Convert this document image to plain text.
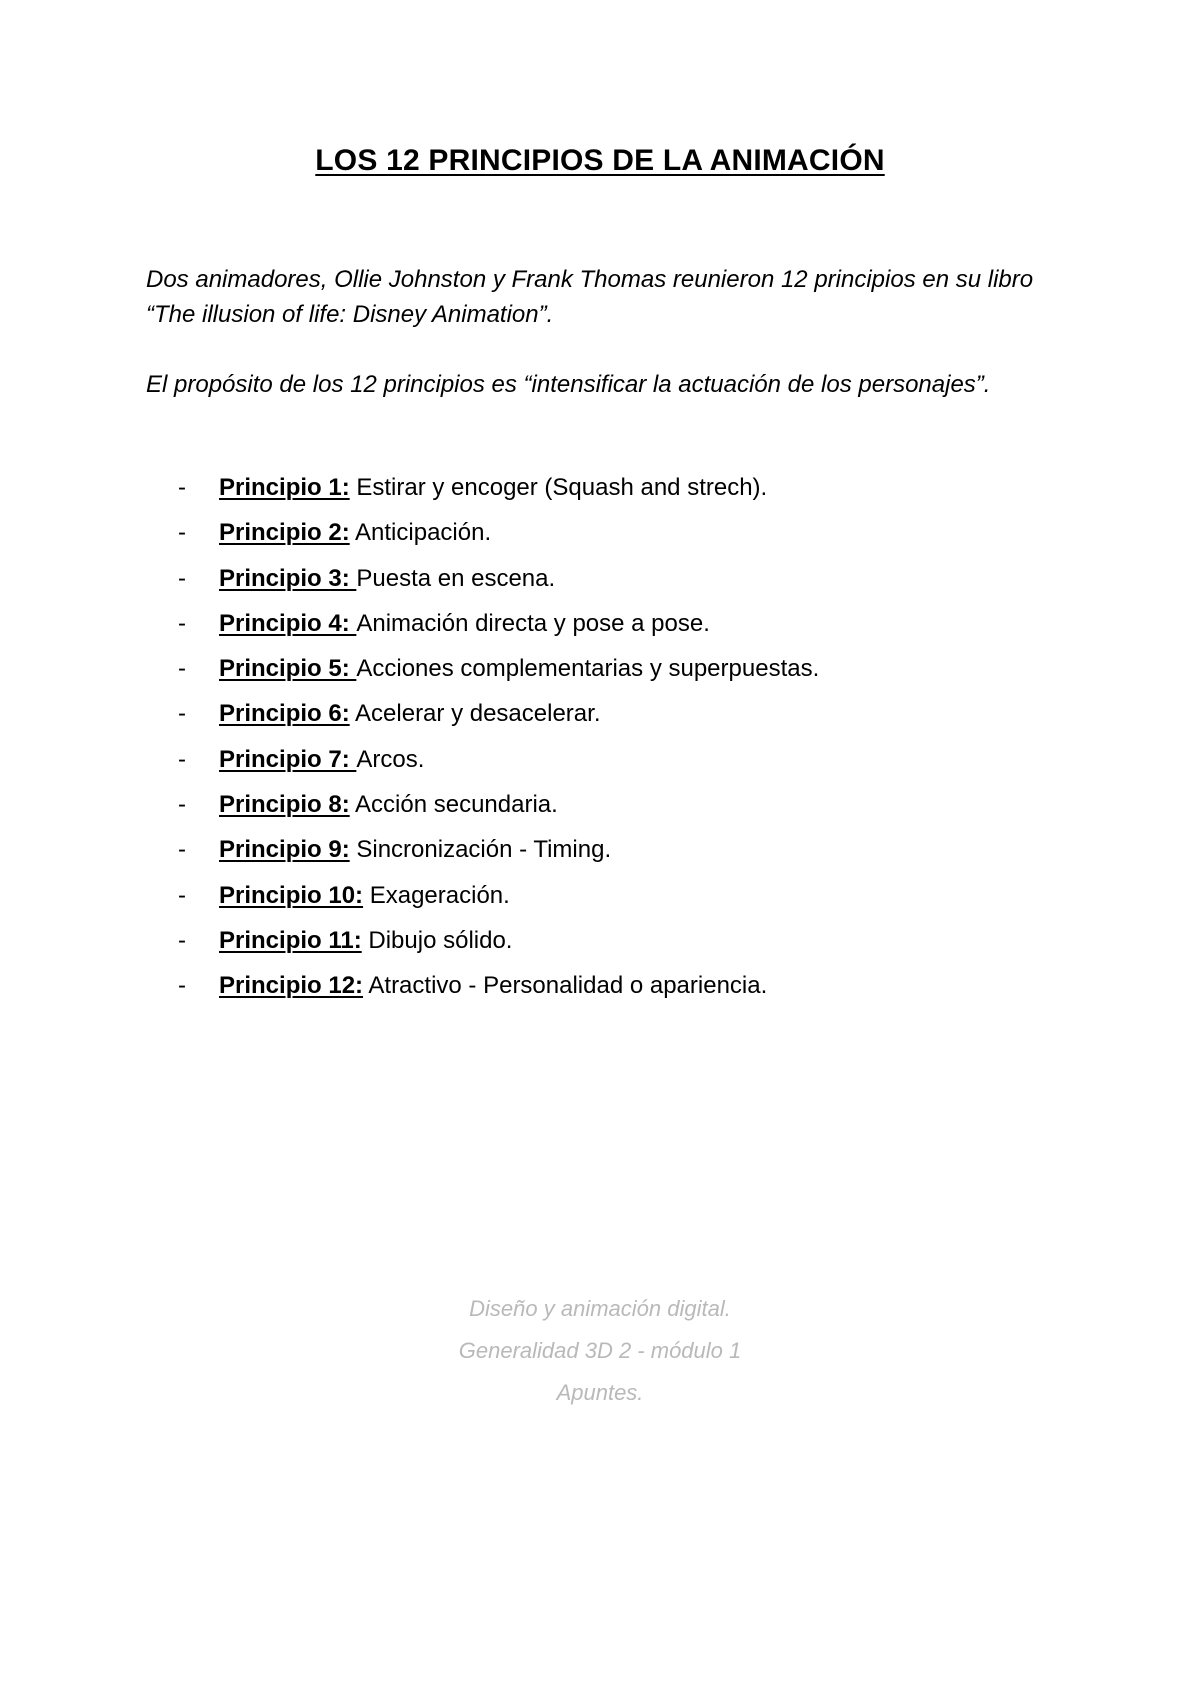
LOS 12 PRINCIPIOS DE LA ANIMACIÓN

Dos animadores, Ollie Johnston y Frank Thomas reunieron 12 principios en su libro “The illusion of life: Disney Animation”.

El propósito de los 12 principios es “intensificar la actuación de los personajes”.

-	Principio 1: Estirar y encoger (Squash and strech).
-	Principio 2: Anticipación.
-	Principio 3: Puesta en escena.
-	Principio 4: Animación directa y pose a pose.
-	Principio 5: Acciones complementarias y superpuestas.
-	Principio 6: Acelerar y desacelerar.
-	Principio 7: Arcos.
-	Principio 8: Acción secundaria.
-	Principio 9: Sincronización - Timing.
-	Principio 10: Exageración.
-	Principio 11: Dibujo sólido.
-	Principio 12: Atractivo - Personalidad o apariencia.
Diseño y animación digital.
Generalidad 3D 2 - módulo 1
Apuntes.
